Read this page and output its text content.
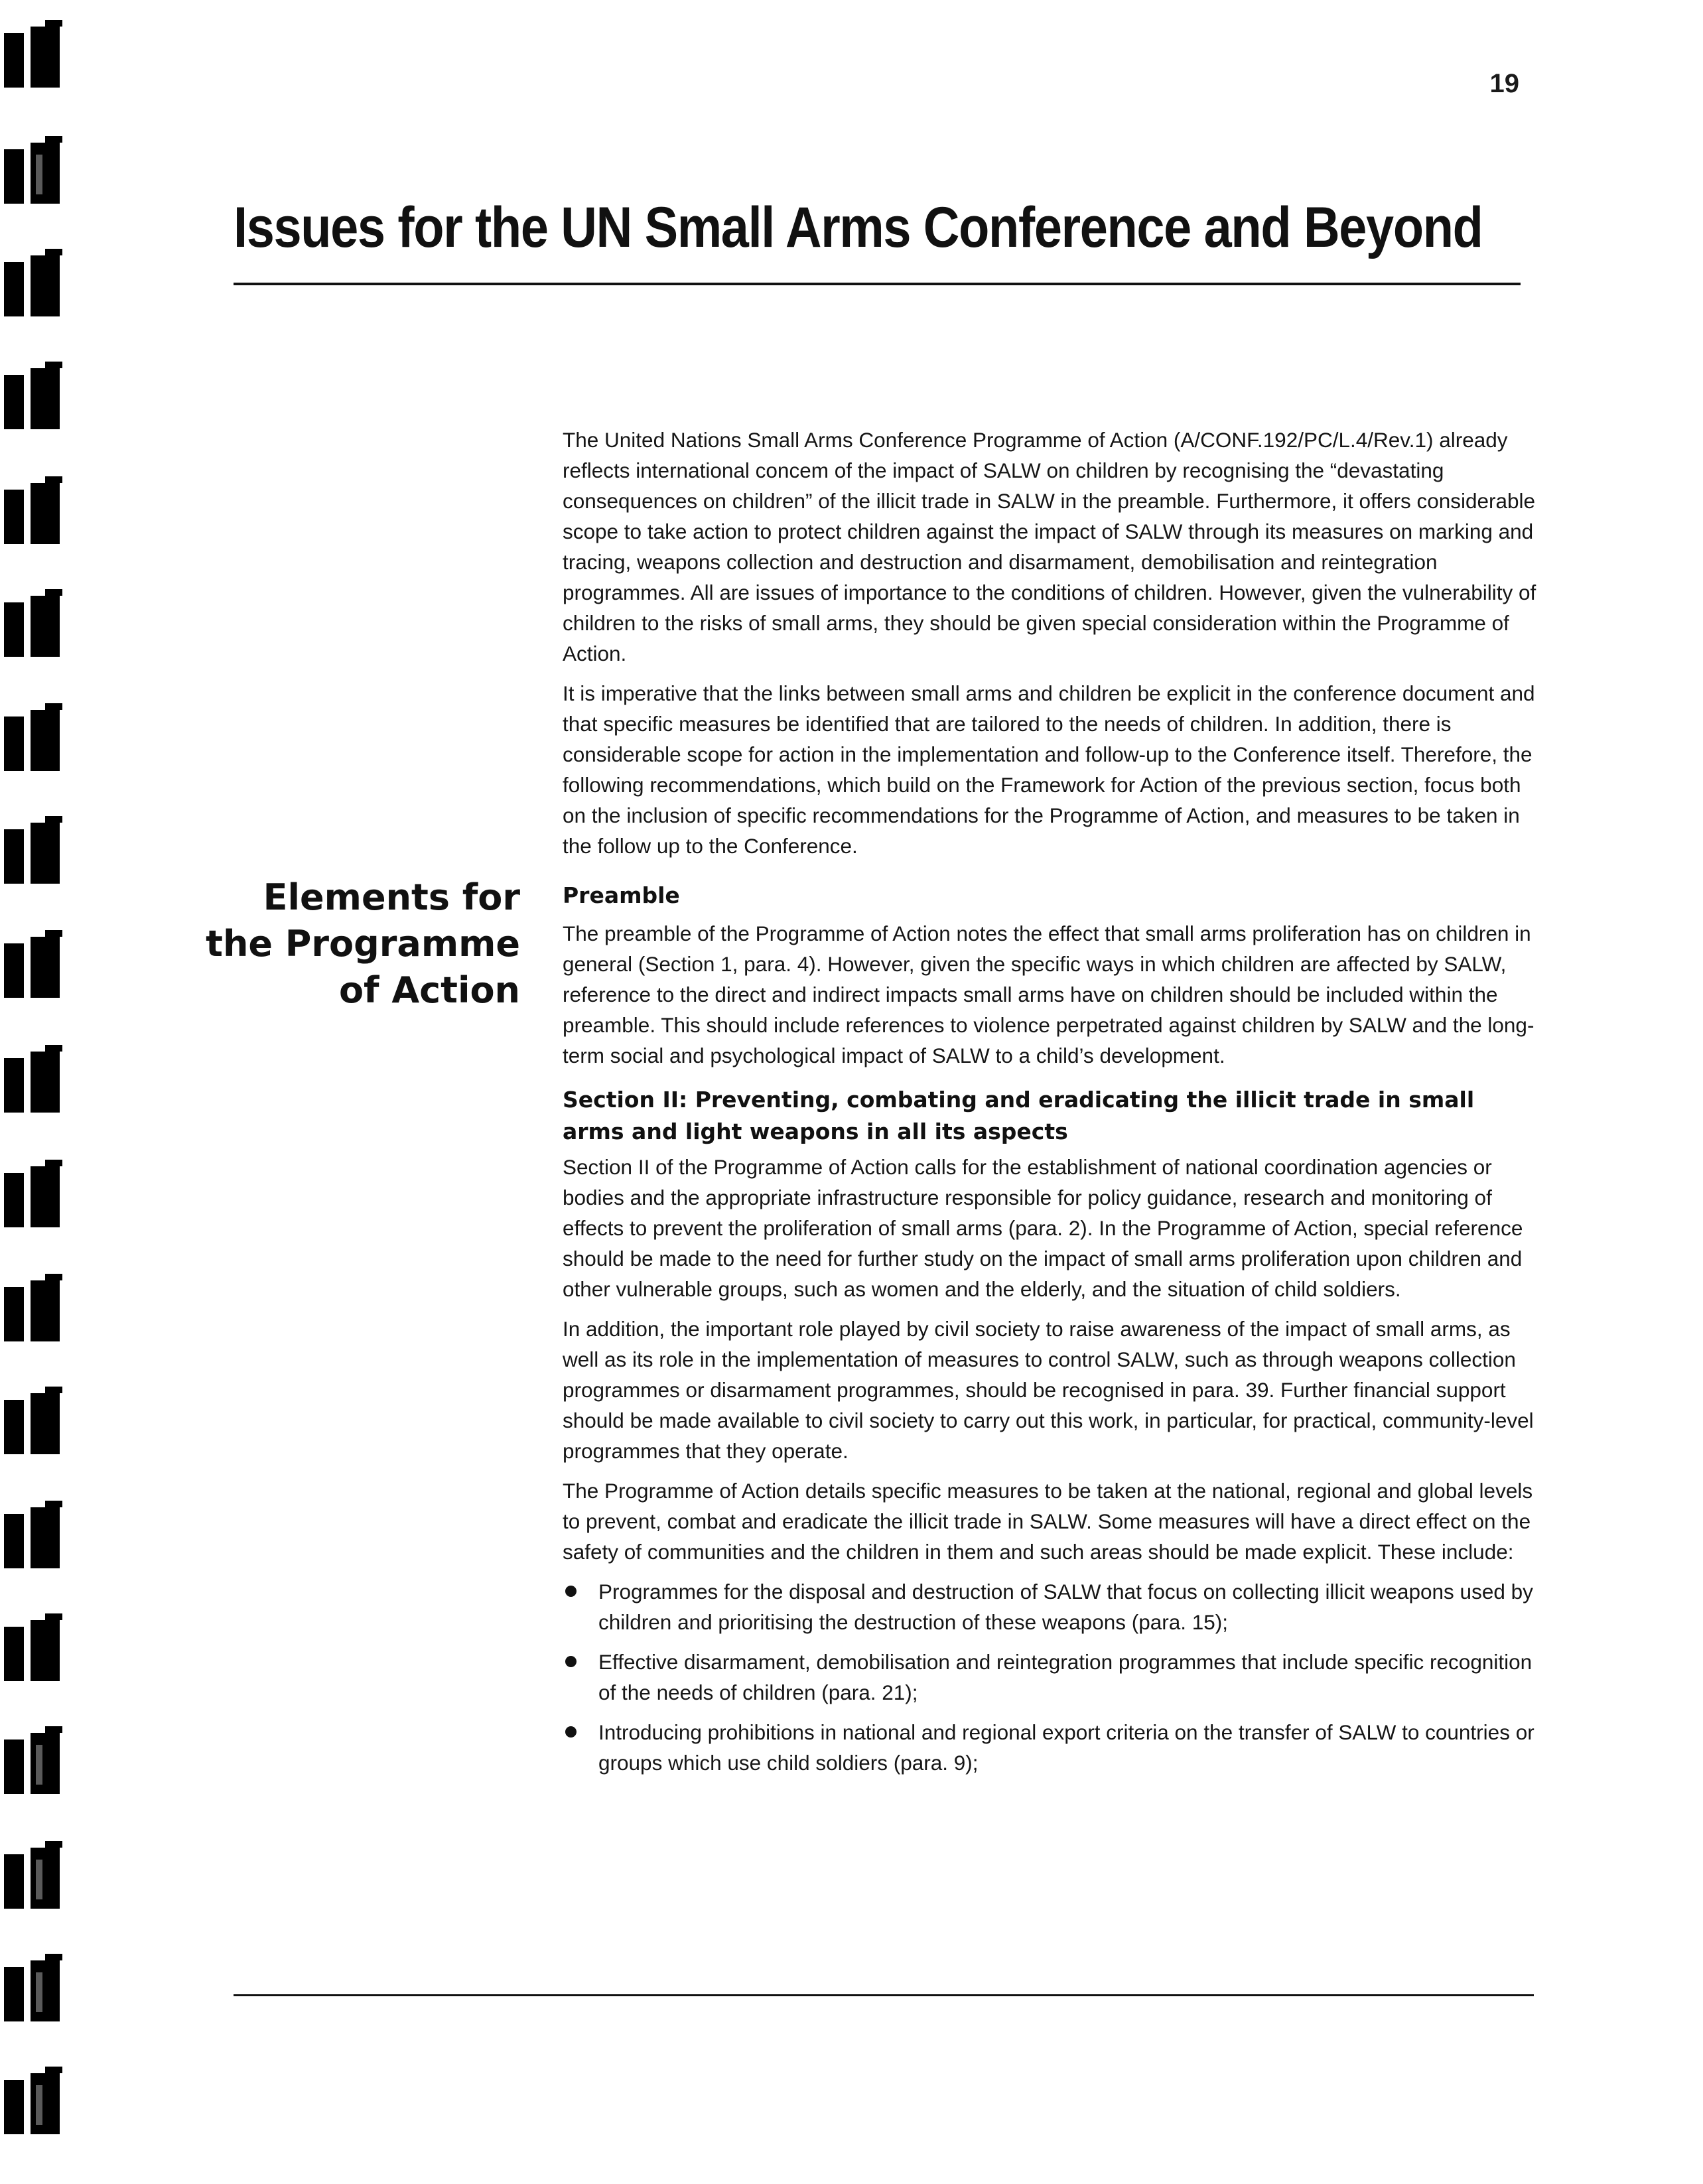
19
Issues for the UN Small Arms Conference and Beyond
Elements for
the Programme
of Action

The United Nations Small Arms Conference Programme of Action (A/CONF.192/PC/L.4/Rev.1) already reflects international concem of the impact of SALW on children by recognising the “devastating consequences on children” of the illicit trade in SALW in the preamble. Furthermore, it offers considerable scope to take action to protect children against the impact of SALW through its measures on marking and tracing, weapons collection and destruction and disarmament, demobilisation and reintegration programmes. All are issues of importance to the conditions of children. However, given the vulnerability of children to the risks of small arms, they should be given special consideration within the Programme of Action.

It is imperative that the links between small arms and children be explicit in the conference document and that specific measures be identified that are tailored to the needs of children. In addition, there is considerable scope for action in the implementation and follow-up to the Conference itself. Therefore, the following recommendations, which build on the Framework for Action of the previous section, focus both on the inclusion of specific recommendations for the Programme of Action, and measures to be taken in the follow up to the Conference.

Preamble

The preamble of the Programme of Action notes the effect that small arms proliferation has on children in general (Section 1, para. 4). However, given the specific ways in which children are affected by SALW, reference to the direct and indirect impacts small arms have on children should be included within the preamble. This should include references to violence perpetrated against children by SALW and the long-term social and psychological impact of SALW to a child’s development.

Section II: Preventing, combating and eradicating the illicit trade in small arms and light weapons in all its aspects

Section II of the Programme of Action calls for the establishment of national coordination agencies or bodies and the appropriate infrastructure responsible for policy guidance, research and monitoring of effects to prevent the proliferation of small arms (para. 2). In the Programme of Action, special reference should be made to the need for further study on the impact of small arms proliferation upon children and other vulnerable groups, such as women and the elderly, and the situation of child soldiers.

In addition, the important role played by civil society to raise awareness of the impact of small arms, as well as its role in the implementation of measures to control SALW, such as through weapons collection programmes or disarmament programmes, should be recognised in para. 39. Further financial support should be made available to civil society to carry out this work, in particular, for practical, community-level programmes that they operate.

The Programme of Action details specific measures to be taken at the national, regional and global levels to prevent, combat and eradicate the illicit trade in SALW. Some measures will have a direct effect on the safety of communities and the children in them and such areas should be made explicit. These include:

Programmes for the disposal and destruction of SALW that focus on collecting illicit weapons used by children and prioritising the destruction of these weapons (para. 15);
Effective disarmament, demobilisation and reintegration programmes that include specific recognition of the needs of children (para. 21);
Introducing prohibitions in national and regional export criteria on the transfer of SALW to countries or groups which use child soldiers (para. 9);
